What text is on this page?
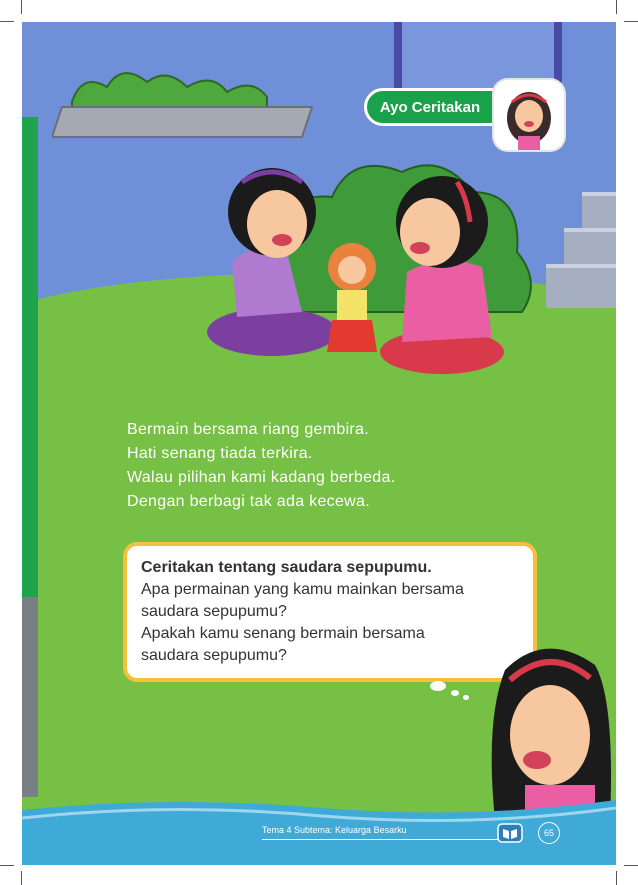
Ayo Ceritakan
Bermain bersama riang gembira.
Hati senang tiada terkira.
Walau pilihan kami kadang berbeda.
Dengan berbagi tak ada kecewa.
Ceritakan tentang saudara sepupumu.
Apa permainan yang kamu mainkan bersama
saudara sepupumu?
Apakah kamu senang bermain bersama
saudara sepupumu?
Tema 4 Subtema: Keluarga Besarku	65
